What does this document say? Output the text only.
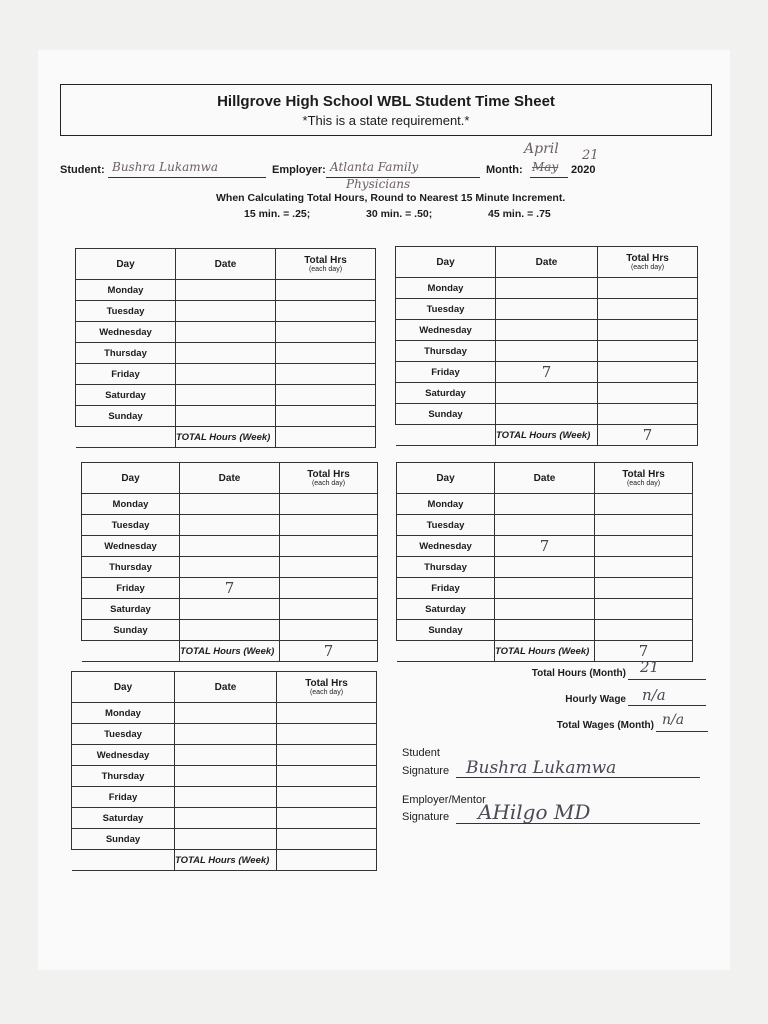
Hillgrove High School WBL Student Time Sheet
*This is a state requirement.*
Student: Bushra Lukamwa	Employer: Atlanta Family
Physicians
Month: May
April 21
2020
When Calculating Total Hours, Round to Nearest 15 Minute Increment.
15 min. = .25;	30 min. = .50;	45 min. = .75
Day	Date	Total Hrs
(each day)

Monday		
Tuesday		
Wednesday		
Thursday		
Friday		
Saturday		
Sunday		
	TOTAL Hours (Week)	
Day	Date	Total Hrs
(each day)

Monday		
Tuesday		
Wednesday		
Thursday		
Friday	7	
Saturday		
Sunday		
	TOTAL Hours (Week)	7
Day	Date	Total Hrs
(each day)

Monday		
Tuesday		
Wednesday		
Thursday		
Friday	7	
Saturday		
Sunday		
	TOTAL Hours (Week)	7
Day	Date	Total Hrs
(each day)

Monday		
Tuesday		
Wednesday	7	
Thursday		
Friday		
Saturday		
Sunday		
	TOTAL Hours (Week)	7
Day	Date	Total Hrs
(each day)

Monday		
Tuesday		
Wednesday		
Thursday		
Friday		
Saturday		
Sunday		
	TOTAL Hours (Week)	
Total Hours (Month) 21
Hourly Wage n/a
Total Wages (Month) n/a
Student
Signature Bushra Lukamwa
Employer/Mentor
Signature AHilgo MD
